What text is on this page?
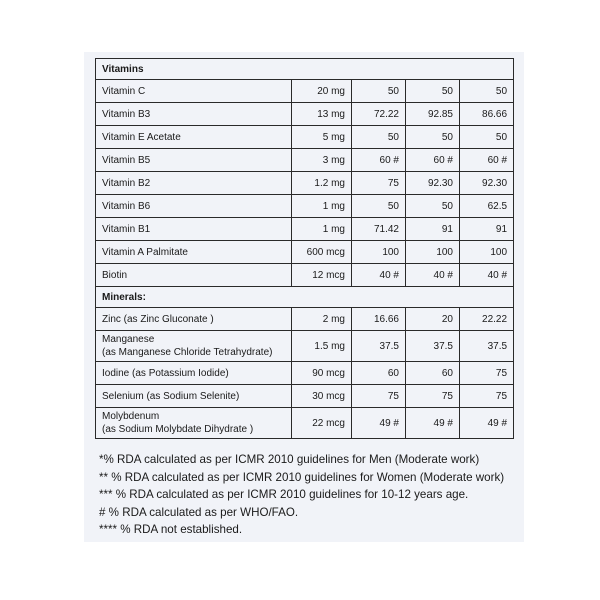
Vitamins				
Vitamin C	20 mg	50	50	50
Vitamin B3	13 mg	72.22	92.85	86.66
Vitamin E Acetate	5 mg	50	50	50
Vitamin B5	3 mg	60 #	60 #	60 #
Vitamin B2	1.2 mg	75	92.30	92.30
Vitamin B6	1 mg	50	50	62.5
Vitamin B1	1 mg	71.42	91	91
Vitamin A Palmitate	600 mcg	100	100	100
Biotin	12 mcg	40 #	40 #	40 #
Minerals:				
Zinc (as Zinc Gluconate )	2 mg	16.66	20	22.22

Manganese
(as Manganese Chloride Tetrahydrate)	1.5 mg	37.5	37.5	37.5
Iodine (as Potassium Iodide)	90 mcg	60	60	75
Selenium (as Sodium Selenite)	30 mcg	75	75	75

Molybdenum
(as Sodium Molybdate Dihydrate )	22 mcg	49 #	49 #	49 #
*% RDA calculated as per ICMR 2010 guidelines for Men (Moderate work)
** % RDA calculated as per ICMR 2010 guidelines for Women (Moderate work)
*** % RDA calculated as per ICMR 2010 guidelines for 10-12 years age.
# % RDA calculated as per WHO/FAO.
**** % RDA not established.
